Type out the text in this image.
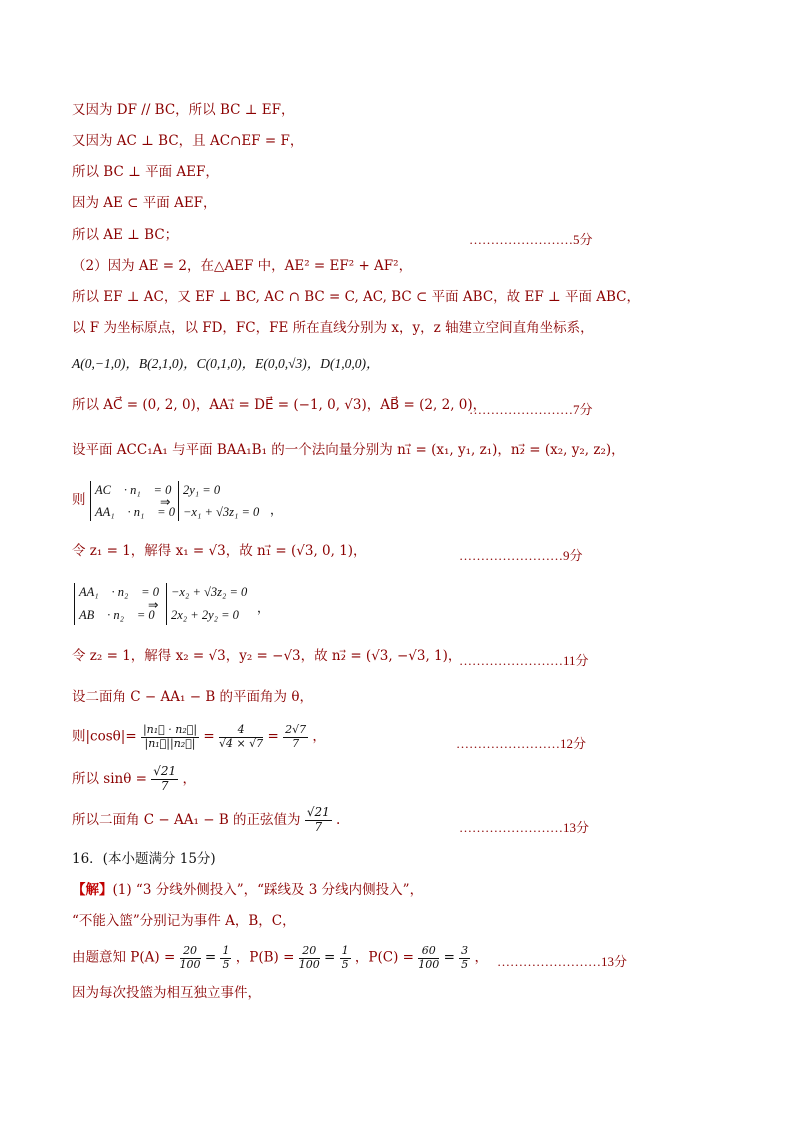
又因为 DF // BC，所以 BC ⊥ EF，
又因为 AC ⊥ BC，且 AC∩EF = F，
所以 BC ⊥ 平面 AEF，
因为 AE ⊂ 平面 AEF，
所以 AE ⊥ BC；	……………………5分
（2）因为 AE = 2，在△AEF 中，AE² = EF² + AF²，
所以 EF ⊥ AC，又 EF ⊥ BC, AC ∩ BC = C, AC, BC ⊂ 平面 ABC，故 EF ⊥ 平面 ABC，
以 F 为坐标原点，以 FD，FC，FE 所在直线分别为 x，y，z 轴建立空间直角坐标系，
A(0,−1,0)，B(2,1,0)，C(0,1,0)，E(0,0,√3)，D(1,0,0)，
所以 AC⃗ = (0, 2, 0)，AA₁⃗ = DE⃗ = (−1, 0, √3)，AB⃗ = (2, 2, 0)，
……………………7分
设平面 ACC₁A₁ 与平面 BAA₁B₁ 的一个法向量分别为 n₁⃗ = (x₁, y₁, z₁)，n₂⃗ = (x₂, y₂, z₂)，
则
AC⃗ · n₁⃗ = 0
AA₁⃗ · n₁⃗ = 0
⇒
2y₁ = 0
−x₁ + √3z₁ = 0 ，
令 z₁ = 1，解得 x₁ = √3，故 n₁⃗ = (√3, 0, 1)，	……………………9分
AA₁⃗ · n₂⃗ = 0
AB⃗ · n₂⃗ = 0
⇒
−x₂ + √3z₂ = 0
2x₂ + 2y₂ = 0 ，
令 z₂ = 1，解得 x₂ = √3，y₂ = −√3，故 n₂⃗ = (√3, −√3, 1)，
……………………11分
设二面角 C − AA₁ − B 的平面角为 θ，
则$|\cos\theta|= \frac{\text{|n₁⃗ · n₂⃗|}}{\text{|n₁⃗||n₂⃗|}} = \frac{4}{√4 \times √7} = \frac{2√7}{7}$ ，	……………………12分
所以 $\sin\theta = \frac{√21}{7}$ ，
所以二面角 C − AA₁ − B 的正弦值为 $\frac{√21}{7}$ .	……………………13分
16．(本小题满分 15分)
【解】(1) “3 分线外侧投入”，“踩线及 3 分线内侧投入”，
“不能入篮”分别记为事件 A，B，C，
由题意知 $P(A) = \frac{20}{100} = \frac{1}{5}$ ，$P(B) = \frac{20}{100} = \frac{1}{5}$ ，$P(C) = \frac{60}{100} = \frac{3}{5}$ ， ……………………13分
因为每次投篮为相互独立事件，
